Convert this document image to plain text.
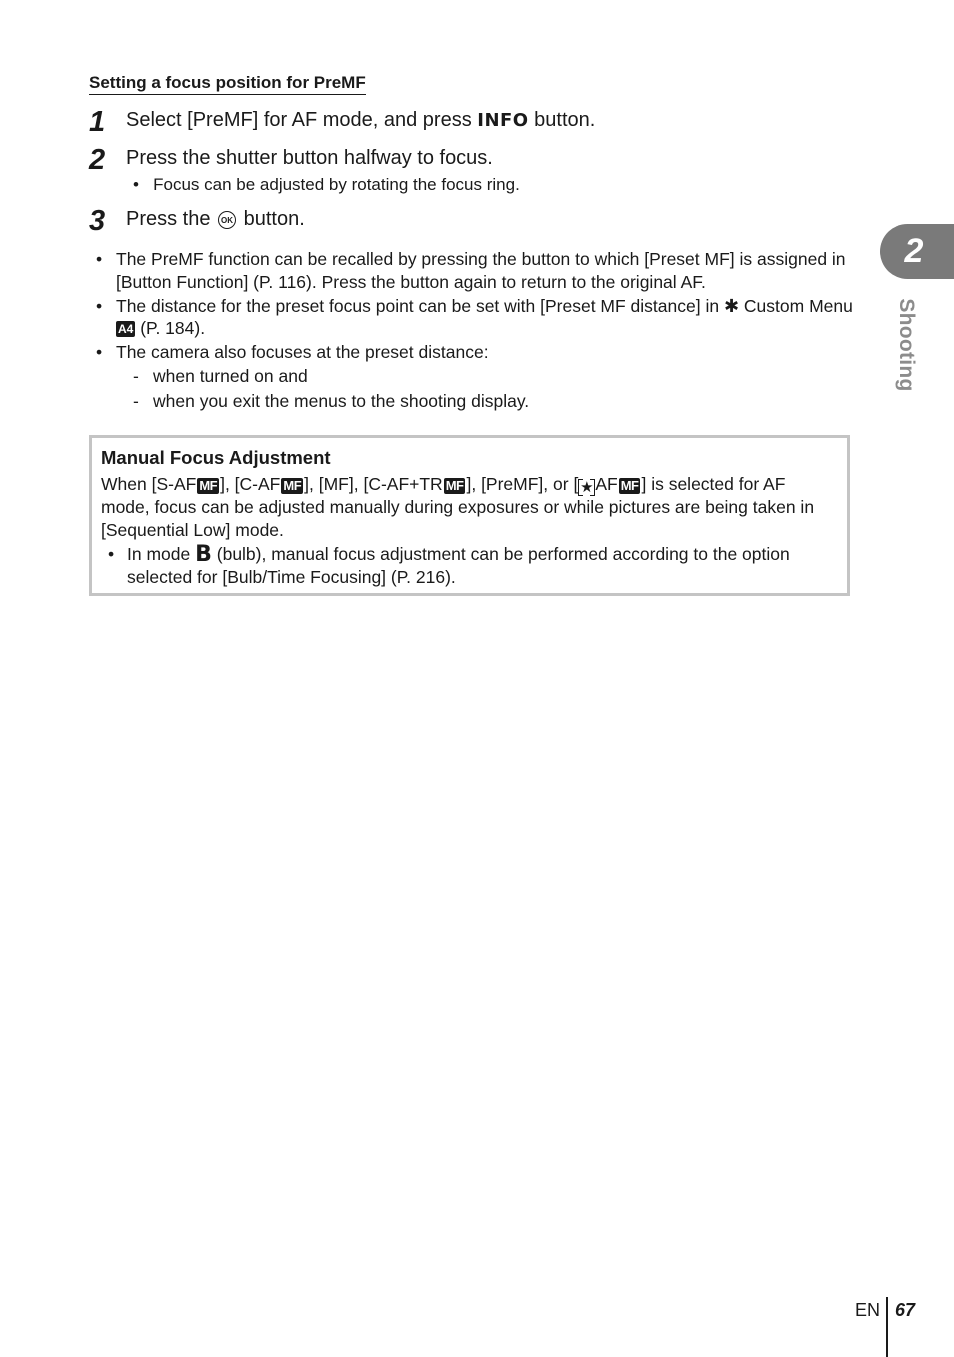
Setting a focus position for PreMF
1 Select [PreMF] for AF mode, and press INFO button.
2 Press the shutter button halfway to focus.
• Focus can be adjusted by rotating the focus ring.
3 Press the OK button.
• The PreMF function can be recalled by pressing the button to which [Preset MF] is assigned in [Button Function] (P. 116). Press the button again to return to the original AF.
• The distance for the preset focus point can be set with [Preset MF distance] in ✱ Custom Menu A4 (P. 184).
• The camera also focuses at the preset distance:
- when turned on and
- when you exit the menus to the shooting display.
Manual Focus Adjustment
When [S-AF MF ], [C-AF MF ], [MF], [C-AF+TR MF ], [PreMF], or [ ★ AF MF ] is selected for AF mode, focus can be adjusted manually during exposures or while pictures are being taken in [Sequential Low] mode.
• In mode B (bulb), manual focus adjustment can be performed according to the option selected for [Bulb/Time Focusing] (P. 216).
2
Shooting
EN 67
